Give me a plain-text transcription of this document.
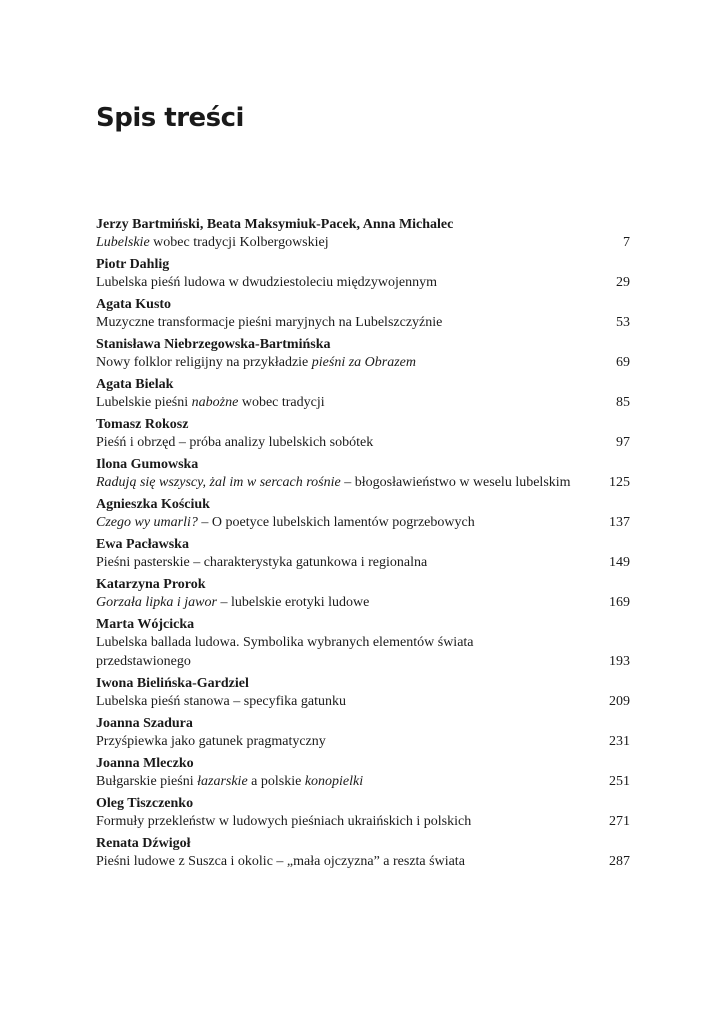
Spis treści
Jerzy Bartmiński, Beata Maksymiuk-Pacek, Anna Michalec
Lubelskie wobec tradycji Kolbergowskiej . . .	7
Piotr Dahlig
Lubelska pieśń ludowa w dwudziestoleciu międzywojennym . . .	29
Agata Kusto
Muzyczne transformacje pieśni maryjnych na Lubelszczyźnie . . .	53
Stanisława Niebrzegowska-Bartmińska
Nowy folklor religijny na przykładzie pieśni za Obrazem . . .	69
Agata Bielak
Lubelskie pieśni nabożne wobec tradycji . . .	85
Tomasz Rokosz
Pieśń i obrzęd – próba analizy lubelskich sobótek . . .	97
Ilona Gumowska
Radują się wszyscy, żal im w sercach rośnie – błogosławieństwo w weselu lubelskim	125
Agnieszka Kościuk
Czego wy umarli? – O poetyce lubelskich lamentów pogrzebowych . . .	137
Ewa Pacławska
Pieśni pasterskie – charakterystyka gatunkowa i regionalna . . .	149
Katarzyna Prorok
Gorzała lipka i jawor – lubelskie erotyki ludowe . . .	169
Marta Wójcicka
Lubelska ballada ludowa. Symbolika wybranych elementów świata
przedstawionego . . .	193
Iwona Bielińska-Gardziel
Lubelska pieśń stanowa – specyfika gatunku . . .	209
Joanna Szadura
Przyśpiewka jako gatunek pragmatyczny . . .	231
Joanna Mleczko
Bułgarskie pieśni łazarskie a polskie konopielki . . .	251
Oleg Tiszczenko
Formuły przekleństw w ludowych pieśniach ukraińskich i polskich . . .	271
Renata Dźwigoł
Pieśni ludowe z Suszca i okolic – „mała ojczyzna” a reszta świata . . .	287
